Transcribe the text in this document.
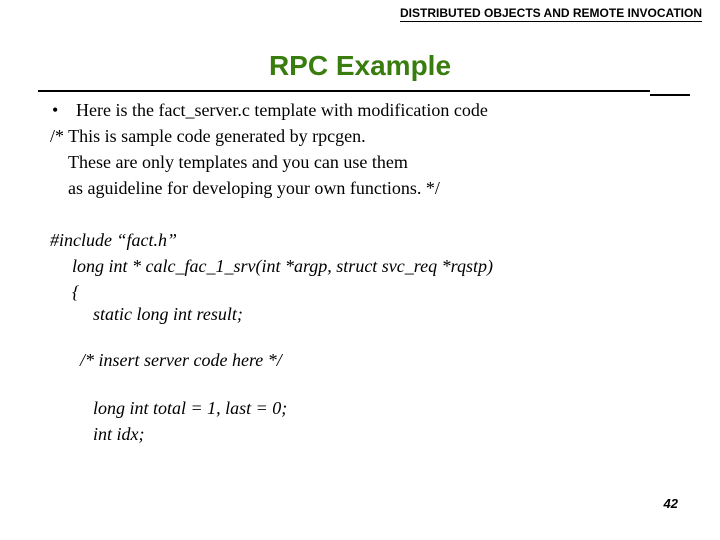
DISTRIBUTED OBJECTS AND REMOTE INVOCATION
RPC Example
• Here is the fact_server.c template with modification code
/* This is sample code generated by rpcgen.
These are only templates and you can use them
as aguideline for developing your own functions. */
#include “fact.h”
long int * calc_fac_1_srv(int *argp, struct svc_req *rqstp)
{
static long int result;
/* insert server code here */
long int total = 1, last = 0;
int idx;
42
